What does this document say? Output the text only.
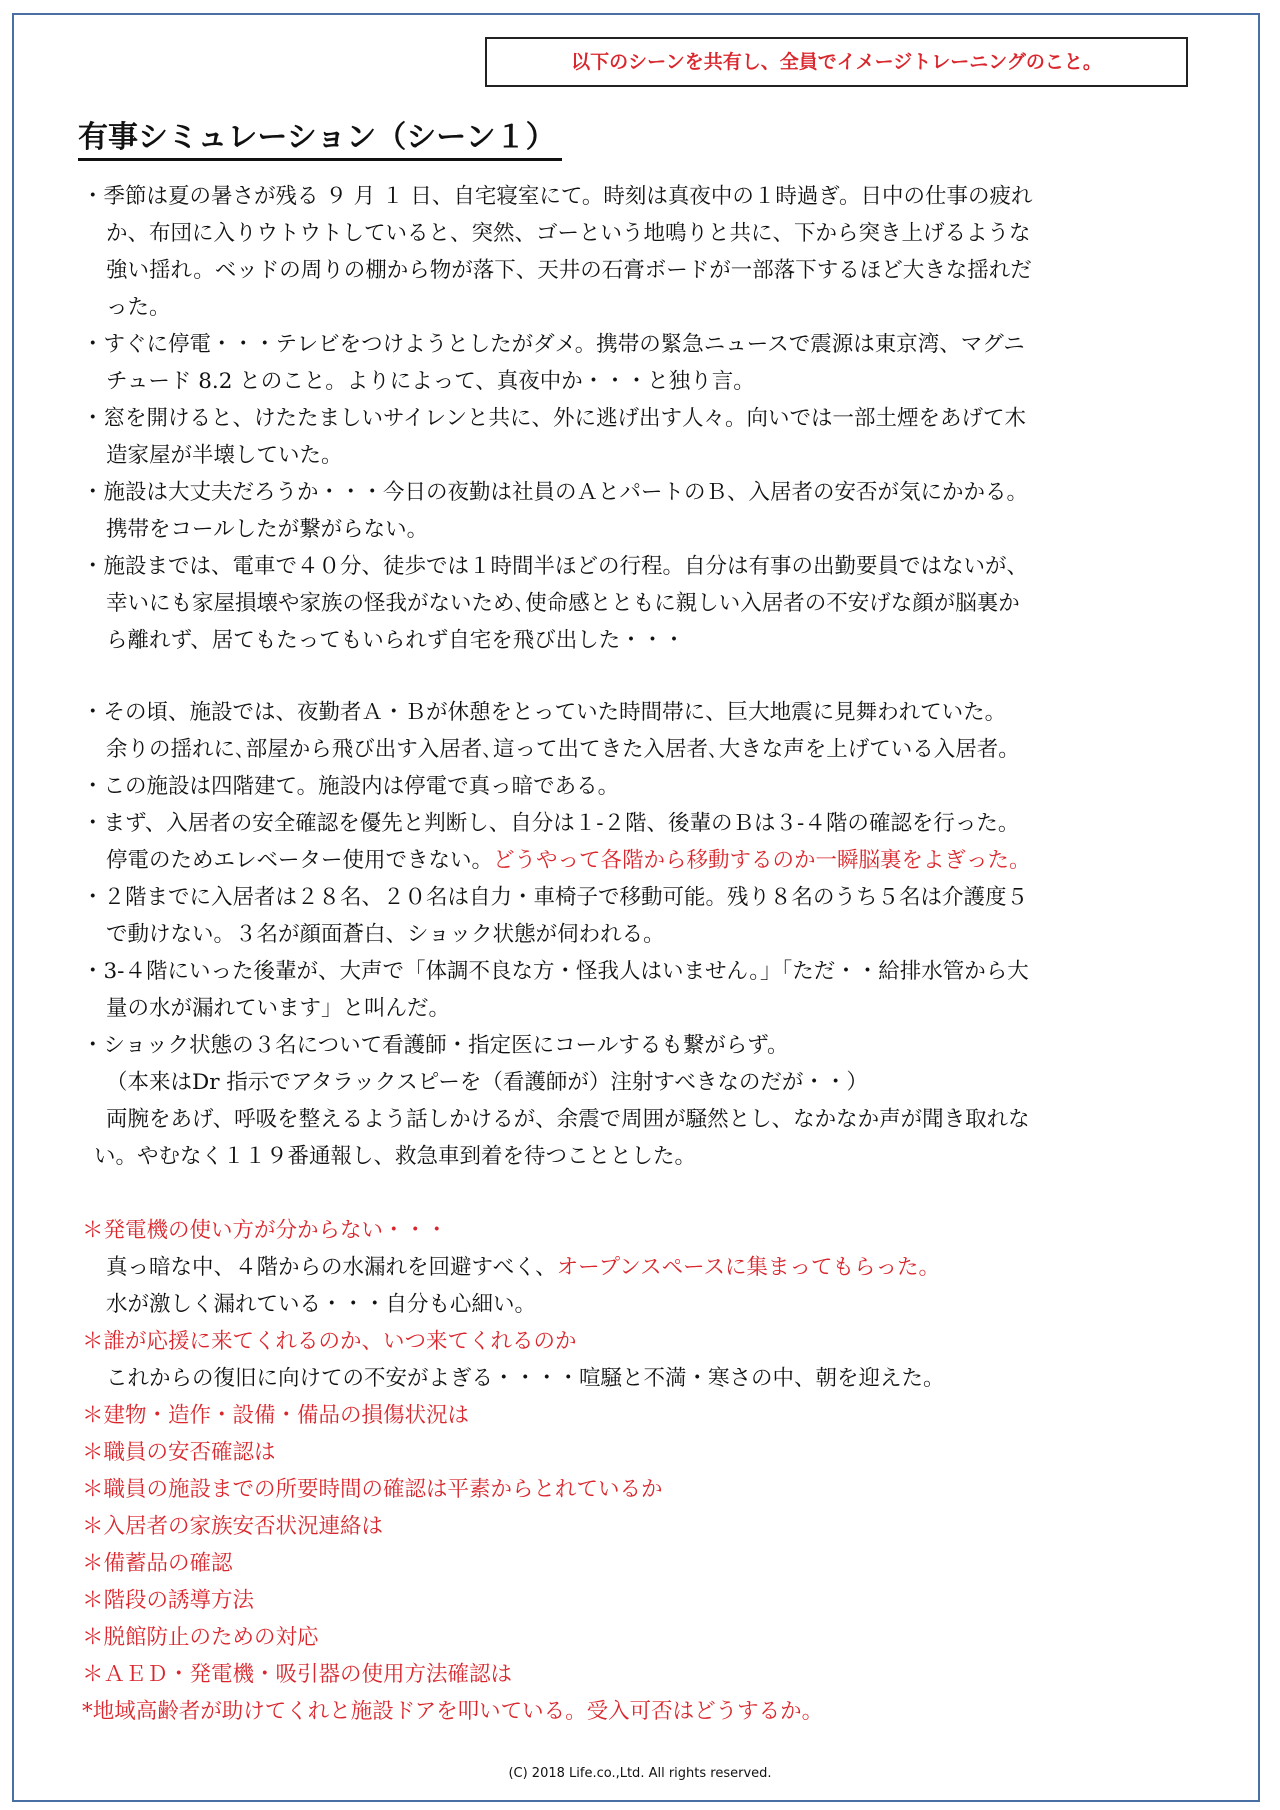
以下のシーンを共有し、全員でイメージトレーニングのこと。
有事シミュレーション（シーン１）
・季節は夏の暑さが残る ９ 月 １ 日、自宅寝室にて。時刻は真夜中の１時過ぎ。日中の仕事の疲れ
か、布団に入りウトウトしていると、突然、ゴーという地鳴りと共に、下から突き上げるような
強い揺れ。ベッドの周りの棚から物が落下、天井の石膏ボードが一部落下するほど大きな揺れだ
った。
・すぐに停電・・・テレビをつけようとしたがダメ。携帯の緊急ニュースで震源は東京湾、マグニ
チュード 8.2 とのこと。よりによって、真夜中か・・・と独り言。
・窓を開けると、けたたましいサイレンと共に、外に逃げ出す人々。向いでは一部土煙をあげて木
造家屋が半壊していた。
・施設は大丈夫だろうか・・・今日の夜勤は社員のＡとパートのＢ、入居者の安否が気にかかる。
携帯をコールしたが繋がらない。
・施設までは、電車で４０分、徒歩では１時間半ほどの行程。自分は有事の出勤要員ではないが、
幸いにも家屋損壊や家族の怪我がないため､使命感とともに親しい入居者の不安げな顔が脳裏か
ら離れず、居てもたってもいられず自宅を飛び出した・・・
・その頃、施設では、夜勤者Ａ・Ｂが休憩をとっていた時間帯に、巨大地震に見舞われていた。
余りの揺れに､部屋から飛び出す入居者､這って出てきた入居者､大きな声を上げている入居者。
・この施設は四階建て。施設内は停電で真っ暗である。
・まず、入居者の安全確認を優先と判断し、自分は１-２階、後輩のＢは３-４階の確認を行った。
停電のためエレベーター使用できない。どうやって各階から移動するのか一瞬脳裏をよぎった。
・２階までに入居者は２８名、２０名は自力・車椅子で移動可能。残り８名のうち５名は介護度５
で動けない。３名が顔面蒼白、ショック状態が伺われる。
・3-４階にいった後輩が、大声で「体調不良な方・怪我人はいません。｣「ただ・・給排水管から大
量の水が漏れています」と叫んだ。
・ショック状態の３名について看護師・指定医にコールするも繋がらず。
（本来はDr 指示でアタラックスピーを（看護師が）注射すべきなのだが・・）
両腕をあげ、呼吸を整えるよう話しかけるが、余震で周囲が騒然とし、なかなか声が聞き取れな
い。やむなく１１９番通報し、救急車到着を待つこととした。
＊発電機の使い方が分からない・・・
真っ暗な中、４階からの水漏れを回避すべく、オープンスペースに集まってもらった。
水が激しく漏れている・・・自分も心細い。
＊誰が応援に来てくれるのか、いつ来てくれるのか
これからの復旧に向けての不安がよぎる・・・・喧騒と不満・寒さの中、朝を迎えた。
＊建物・造作・設備・備品の損傷状況は
＊職員の安否確認は
＊職員の施設までの所要時間の確認は平素からとれているか
＊入居者の家族安否状況連絡は
＊備蓄品の確認
＊階段の誘導方法
＊脱館防止のための対応
＊ＡＥＤ・発電機・吸引器の使用方法確認は
*地域高齢者が助けてくれと施設ドアを叩いている。受入可否はどうするか。
(C) 2018 Life.co.,Ltd. All rights reserved.
